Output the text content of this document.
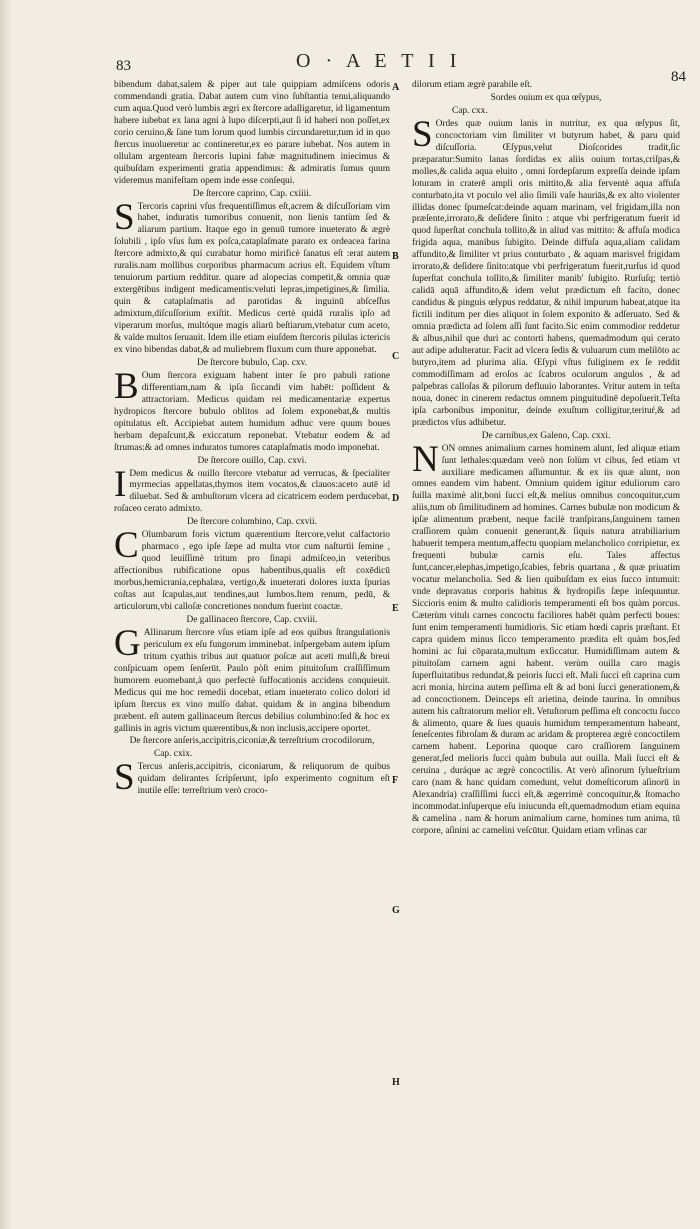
83	O · A E T I I
84
A
B
C
D
E
F
G
H

bibendum dabat,salem & piper aut tale quippiam admiſcens odoris commendandi gratia. Dabat autem cum vino ſubſtantia tenui,aliquando cum aqua.Quod verò lumbis ægri ex ſtercore adalligaretur, id ligamentum habere iubebat ex lana agni à lupo diſcerpti,aut ſi id haberi non poſſet,ex corio ceruino,& ſane tum lorum quod lumbis circundaretur,tum id in quo ſtercus inuolueretur ac contineretur,ex eo parare iubebat. Nos autem in ollulam argenteam ſtercoris lupini fabæ magnitudinem iniecimus & quibuſdam experimenti gratia appendimus: & admiratis ſumus quum videremus manifeſtam opem inde esse conſequi.

De ſtercore caprino, Cap. cxiiii.

S Tercoris caprini vſus frequentiſſimus eſt,acrem & diſcuſſoriam vim habet, induratis tumoribus conuenit, non lienis tantùm ſed & aliarum partium. Itaque ego in genuū tumore inueterato & ægrè ſolubili , ipſo vſus ſum ex poſca,cataplaſmate parato ex ordeacea farina ſtercore admixto,& qui curabatur homo mirificè ſanatus eſt :erat autem ruralis.nam mollibus corporibus pharmacum acrius eſt. Equidem vſtum tenuiorum partium redditur. quare ad alopecias competit,& omnia quæ extergētibus indigent medicamentis:veluti lepras,impetigines,& ſimilia. quin & cataplaſmatis ad parotidas & inguinū abſceſſus admixtum,diſcuſſorium exiſtit. Medicus certè quidā ruralis ipſo ad viperarum morſus, multóque magis aliarū beſtiarum,vtebatur cum aceto, & valde multos ſeruauit. Idem ille etiam eiuſdem ſtercoris pilulas ictericis ex vino bibendas dabat,& ad muliebrem fluxum cum thure apponebat.

De ſtercore bubulo, Cap. cxv.

B Oum ſtercora exiguam habent inter ſe pro pabuli ratione differentiam,nam & ipſa ſiccandi vim habēt: poſſident & attractoriam. Medicus quidam rei medicamentariæ expertus hydropicos ſtercore bubulo oblitos ad ſolem exponebat,& multis opitulatus eſt. Accipiebat autem humidum adhuc vere quum boues herbam depaſcunt,& exiccatum reponebat. Vtebatur eodem & ad ſtrumas:& ad omnes induratos tumores cataplaſmatis modo imponebat.

De ſtercore ouillo, Cap. cxvi.

I Dem medicus & ouillo ſtercore vtebatur ad verrucas, & ſpecialiter myrmecias appellatas,thymos item vocatos,& clauos:aceto autē id diluebat. Sed & ambuſtorum vlcera ad cicatricem eodem perducebat, roſaceo cerato admixto.

De ſtercore columbino, Cap. cxvii.

C Olumbarum foris victum quærentium ſtercore,velut calfactorio pharmaco , ego ipſe ſæpe ad multa vtor cum naſturtii ſemine , quod leuiſſimè tritum pro ſinapi admiſceo,in veteribus affectionibus rubificatione opus habentibus,qualis eſt coxēdicū morbus,hemicrania,cephalæa, vertigo,& inueterati dolores iuxta ſpurias coſtas aut ſcapulas,aut tendines,aut lumbos.Item renum, pedū, & articulorum,vbi calloſæ concretiones nondum fuerint coactæ.

De gallinaceo ſtercore, Cap. cxviii.

G Allinarum ſtercore vſus etiam ipſe ad eos quibus ſtrangulationis periculum ex eſu fungorum imminebat. inſpergebam autem ipſum tritum cyathis tribus aut quatuor poſcæ aut aceti mulſi,& breui conſpicuam opem ſenſerūt. Paulo pòſt enim pituitoſum craſſiſſimum humorem euomebant,à quo perfectè ſuffocationis accidens conquieuit. Medicus qui me hoc remedii docebat, etiam inueterato colico dolori id ipſum ſtercus ex vino mulſo dabat. quidam & in angina bibendum præbent. eſt autem gallinaceum ſtercus debilius columbino:ſed & hoc ex gallinis in agris victum quærentibus,& non inclusis,accipere oportet.

De ſtercore anſeris,accipitris,ciconiæ,& terreſtrium crocodilorum,

Cap. cxix.

S Tercus anſeris,accipitris, ciconiarum, & reliquorum de quibus quidam delirantes ſcripſerunt, ipſo experimento cognitum eſt inutile eſſe: terreſtrium verò croco-

dilorum etiam ægrè parabile eſt.

Sordes ouium ex qua œſypus,

Cap. cxx.

S Ordes quæ ouium lanis in nutritur, ex qua œſypus ſit, concoctoriam vim ſimiliter vt butyrum habet, & paru quid diſcuſſoria. Œſypus,velut Dioſcorides tradit,ſic præparatur:Sumito lanas ſordidas ex aliis ouium tortas,criſpas,& molles,& calida aqua eluito , omni ſordepſarum expreſſa deinde ipſam loturam in craterē ampli oris mittito,& alia ferventè aqua affuſa conturbato,ita vt poculo vel alio ſimili vaſe hauriās,& ex alto violenter illidas donec ſpumeſcat:deinde aquam marinam, vel frigidam,illa non præſente,irrorato,& deſidere ſinito : atque vbi perfrigeratum fuerit id quod ſuperſtat conchula tollito,& in aliud vas mittito: & affuſa modica frigida aqua, manibus ſubigito. Deinde diffuſa aqua,aliam calidam affundito,& ſimiliter vt prius conturbato , & aquam marisvel frigidam irrorato,& deſidere ſinito:atque vbi perfrigeratum fuerit,rurſus id quod ſuperſtat conchula tollito,& ſimiliter manib' ſubigito. Rurſuſq; tertiò calidā aquā affundito,& idem velut prædictum eſt facito, donec candidus & pinguis œſypus reddatur, & nihil impurum habeat,atque ita fictili inditum per dies aliquot in ſolem exponito & adſeruato. Sed & omnia prædicta ad ſolem aſſi ſunt facito.Sic enim commodior reddetur & albus,nihil que duri ac contorti habens, quemadmodum qui cerato aut adipe adulteratur. Facit ad vlcera ſedis & vuluarum cum melilōto ac butyro,item ad plurima alia. Œſypi vſtus fuliginem ex ſe reddit commodiſſimam ad eroſos ac ſcabros oculorum angulos , & ad palpebras calloſas & pilorum defluuio laborantes. Vritur autem in teſta noua, donec in cinerem redactus omnem pinguitudinē depoſuerit.Teſta ipſa carbonibus imponitur, deinde exuſtum colligitur,terituŕ,& ad prædictos vſus adhibetur.

De carnibus,ex Galeno, Cap. cxxi.

NON omnes animalium carnes hominem alunt, ſed aliquæ etiam ſunt lethales:quædam verò non ſolùm vt cibus, ſed etiam vt auxiliare medicamen aſſumuntur. & ex iis quæ alunt, non omnes eandem vim habent. Omnium quidem igitur eduliorum caro ſuilla maximè alit,boni ſucci eſt,& melius omnibus concoquitur,cum aliis,tum ob ſimilitudinem ad homines. Carnes bubulæ non modicum & ipſæ alimentum præbent, neque facilè tranſpirans,ſanguinem tamen craſſiorem quàm conuenit generant,& ſiquis natura atrabiliarium habuerit tempera mentum,affectu quopiam melancholico corripietur, ex frequenti bubulæ carnis eſu. Tales affectus ſunt,cancer,elephas,impetigo,ſcabies, febris quartana , & quæ priuatim vocatur melancholia. Sed & lien quibuſdam ex eius ſucco intumuit: vnde depravatus corporis habitus & hydropiſis ſæpe inſequuntur. Siccioris enim & multo calidioris temperamenti eſt bos quàm porcus. Cæterùm vitulı carnes concoctu faciliores habēt quàm perfecti boues: ſunt enim temperamenti humidioris. Sic etiam hœdi capris præſtant. Et capra quidem minus ſicco temperamento prædita eſt quàm bos,ſed homini ac ſui cōparata,multum exſiccatur. Humidiſſimam autem & pituitoſam carnem agni habent. verùm ouilla caro magis ſuperfluitatibus redundat,& peioris ſucci eſt. Mali ſucci eſt caprina cum acri monia, hircina autem peſſima eſt & ad boni ſucci generationem,& ad concoctionem. Deinceps eſt arietina, deinde taurina. In omnibus autem his caſtratorum melior eſt. Vetuſtorum peſſima eſt concoctu ſucco & alimento, quare & ſues quauis humidum temperamentum habeant, ſeneſcentes fibroſam & duram ac aridam & propterea ægrè concoctilem carnem habent. Leporina quoque caro craſſiorem ſanguinem generat,ſed melioris ſucci quàm bubula aut ouilla. Mali ſucci eſt & ceruina , duráque ac ægrè concoctilis. At verò aſinorum ſylueſtrium caro (nam & hanc quidam comedunt, velut domeſticorum aſinorū in Alexandria) craſſiſſimi ſucci eſt,& ægerrimè concoquitur,& ſtomacho incommodat.inſuperque eſu iniucunda eſt,quemadmodum etiam equina & camelina . nam & horum animalium carne, homines tum anima, tū corpore, aſinini ac camelini veſcūtur. Quidam etiam vrſinas car
